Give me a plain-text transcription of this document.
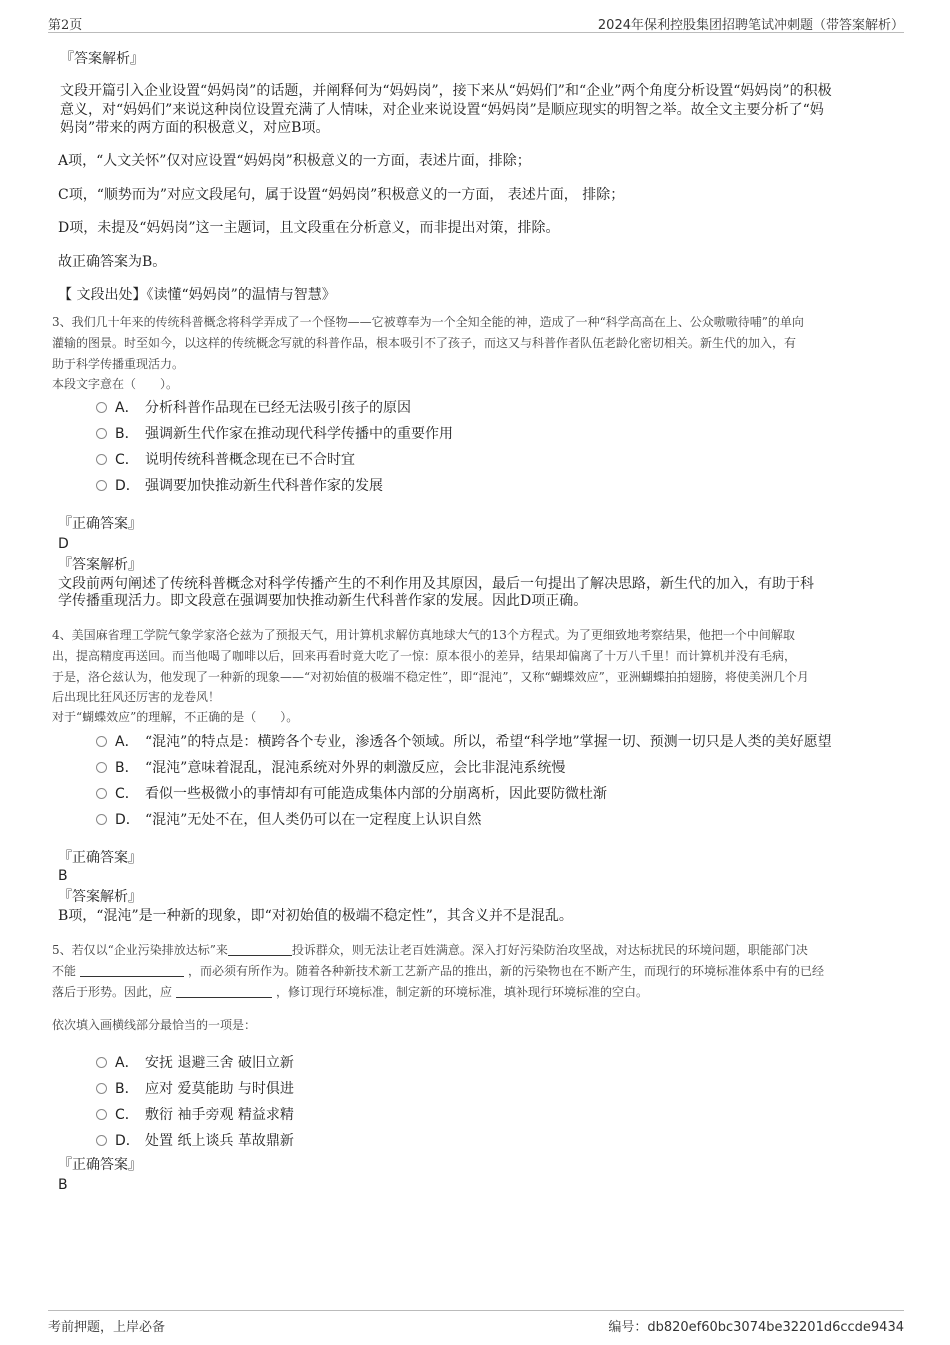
第2页	2024年保利控股集团招聘笔试冲刺题（带答案解析）
『答案解析』
文段开篇引入企业设置“妈妈岗”的话题，并阐释何为“妈妈岗”，接下来从“妈妈们”和“企业”两个角度分析设置“妈妈岗”的积极
意义，对“妈妈们”来说这种岗位设置充满了人情味，对企业来说设置“妈妈岗”是顺应现实的明智之举。故全文主要分析了“妈
妈岗”带来的两方面的积极意义，对应B项。
A项，“人文关怀”仅对应设置“妈妈岗”积极意义的一方面，表述片面，排除；
C项，“顺势而为”对应文段尾句，属于设置“妈妈岗”积极意义的一方面， 表述片面， 排除；
D项，未提及“妈妈岗”这一主题词，且文段重在分析意义，而非提出对策，排除。
故正确答案为B。
【 文段出处】《读懂“妈妈岗”的温情与智慧》
3、我们几十年来的传统科普概念将科学弄成了一个怪物——它被尊奉为一个全知全能的神，造成了一种“科学高高在上、公众嗷嗷待哺”的单向
灌输的图景。时至如今，以这样的传统概念写就的科普作品，根本吸引不了孩子，而这又与科普作者队伍老龄化密切相关。新生代的加入，有
助于科学传播重现活力。
本段文字意在（　　）。
A． 分析科普作品现在已经无法吸引孩子的原因
B． 强调新生代作家在推动现代科学传播中的重要作用
C． 说明传统科普概念现在已不合时宜
D． 强调要加快推动新生代科普作家的发展
『正确答案』
D
『答案解析』
文段前两句阐述了传统科普概念对科学传播产生的不利作用及其原因，最后一句提出了解决思路，新生代的加入，有助于科
学传播重现活力。即文段意在强调要加快推动新生代科普作家的发展。因此D项正确。
4、美国麻省理工学院气象学家洛仑兹为了预报天气，用计算机求解仿真地球大气的13个方程式。为了更细致地考察结果，他把一个中间解取
出，提高精度再送回。而当他喝了咖啡以后，回来再看时竟大吃了一惊：原本很小的差异，结果却偏离了十万八千里！而计算机并没有毛病，
于是，洛仑兹认为，他发现了一种新的现象——“对初始值的极端不稳定性”，即“混沌”，又称“蝴蝶效应”，亚洲蝴蝶拍拍翅膀，将使美洲几个月
后出现比狂风还厉害的龙卷风！
对于“蝴蝶效应”的理解，不正确的是（　　）。
A． “混沌”的特点是：横跨各个专业，渗透各个领域。所以，希望“科学地”掌握一切、预测一切只是人类的美好愿望
B． “混沌”意味着混乱，混沌系统对外界的刺激反应，会比非混沌系统慢
C． 看似一些极微小的事情却有可能造成集体内部的分崩离析，因此要防微杜渐
D． “混沌”无处不在，但人类仍可以在一定程度上认识自然
『正确答案』
B
『答案解析』
B项，“混沌”是一种新的现象，即“对初始值的极端不稳定性”，其含义并不是混乱。
5、若仅以“企业污染排放达标”来	投诉群众，则无法让老百姓满意。深入打好污染防治攻坚战，对达标扰民的环境问题，职能部门决
不能	，而必须有所作为。随着各种新技术新工艺新产品的推出，新的污染物也在不断产生，而现行的环境标准体系中有的已经
落后于形势。因此，应	，修订现行环境标准，制定新的环境标准，填补现行环境标准的空白。
依次填入画横线部分最恰当的一项是：
A． 安抚 退避三舍 破旧立新
B． 应对 爱莫能助 与时俱进
C． 敷衍 袖手旁观 精益求精
D． 处置 纸上谈兵 革故鼎新
『正确答案』
B
考前押题，上岸必备	编号：db820ef60bc3074be32201d6ccde9434
